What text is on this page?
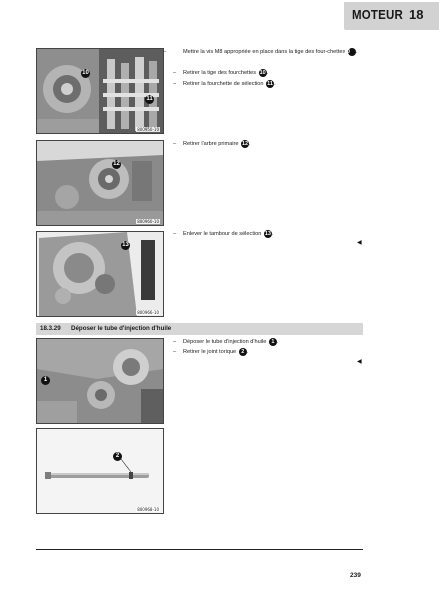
MOTEUR 18
10
11
800950-10
12
800960-10
13
800966-10
1
2
800968-10
–	Mettre la vis M8 appropriée en place dans la tige des four-chettes 10 .
– Retirer la tige des fourchettes 10.
– Retirer la fourchette de sélection 11.
– Retirer l'arbre primaire 12.
– Enlever le tambour de sélection 13.
◀
18.3.29 Déposer le tube d'injection d'huile
– Déposer le tube d'injection d'huile 1 .
– Retirer le joint torique 2 .
◀
239
